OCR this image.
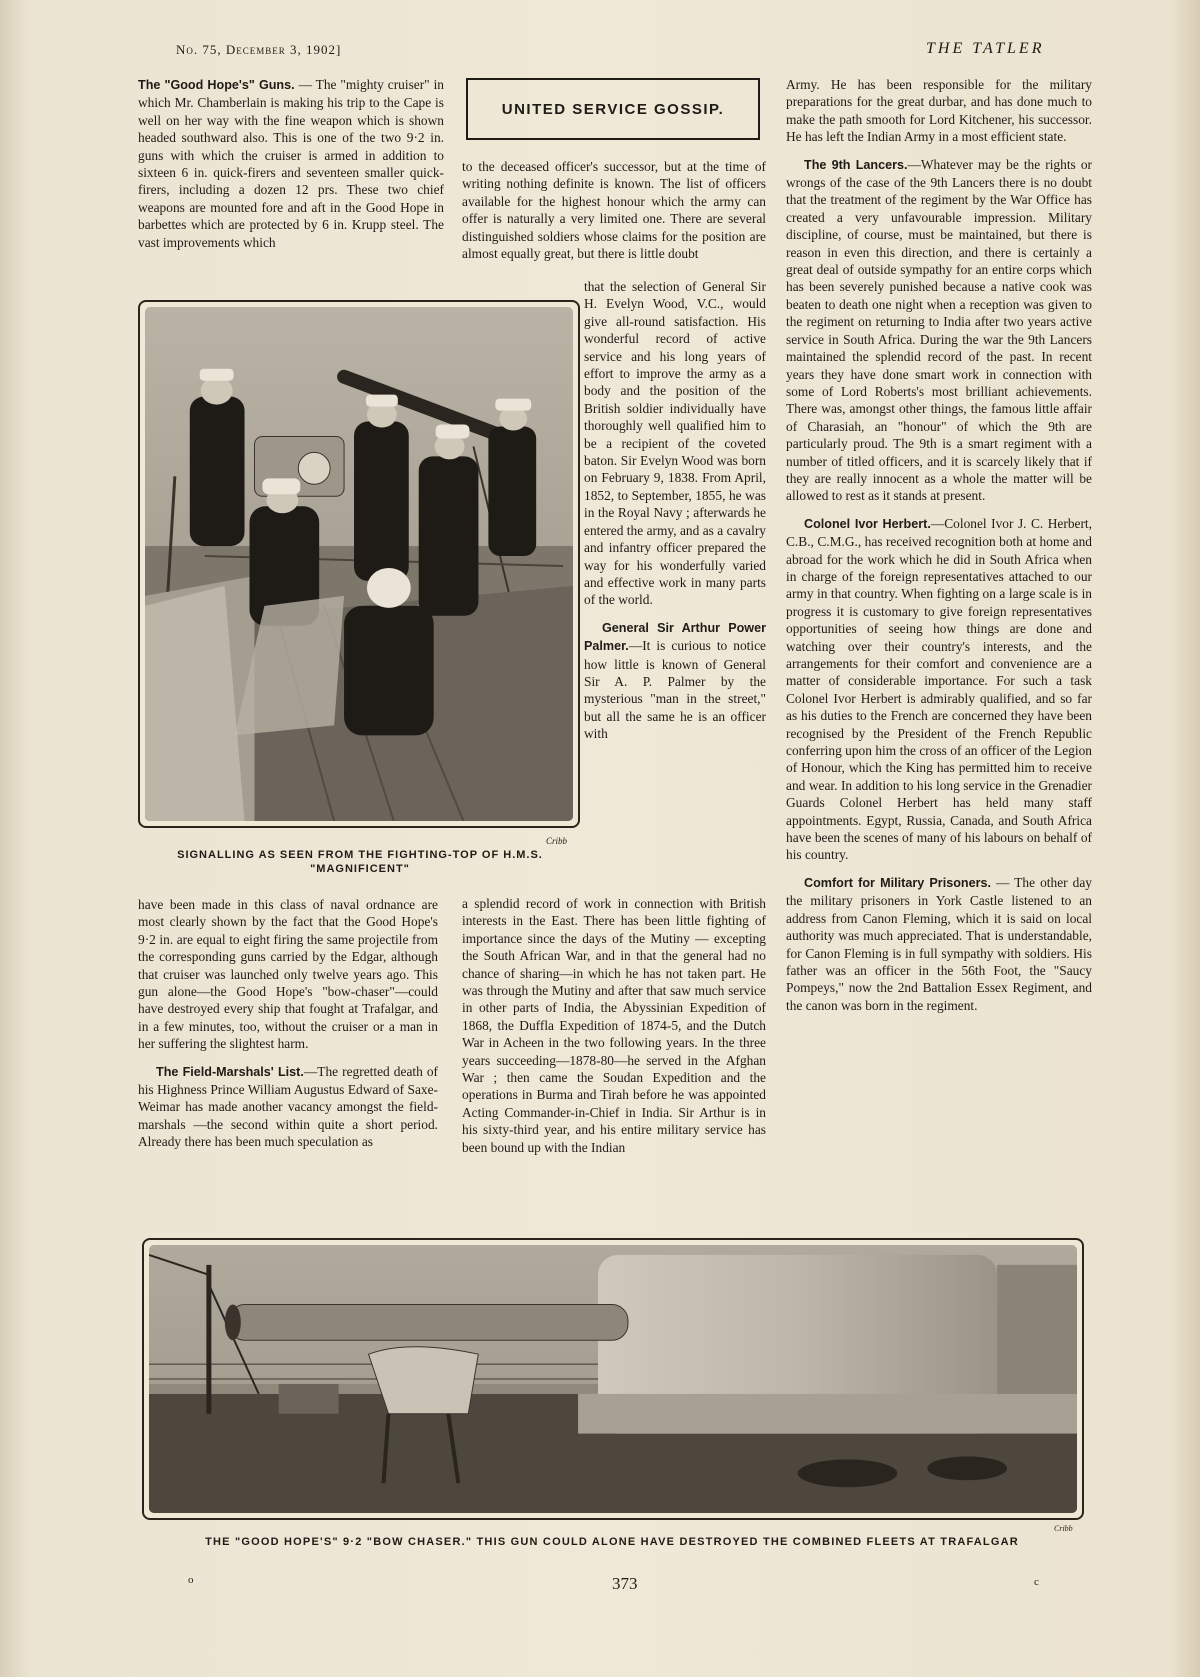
No. 75, December 3, 1902]	THE TATLER

The "Good Hope's" Guns. — The "mighty cruiser" in which Mr. Chamberlain is making his trip to the Cape is well on her way with the fine weapon which is shown headed southward also. This is one of the two 9·2 in. guns with which the cruiser is armed in addition to sixteen 6 in. quick-firers and seventeen smaller quick-firers, including a dozen 12 prs. These two chief weapons are mounted fore and aft in the Good Hope in barbettes which are protected by 6 in. Krupp steel. The vast improvements which

UNITED SERVICE GOSSIP.

to the deceased officer's successor, but at the time of writing nothing definite is known. The list of officers available for the highest honour which the army can offer is naturally a very limited one. There are several distinguished soldiers whose claims for the position are almost equally great, but there is little doubt

that the selection of General Sir H. Evelyn Wood, V.C., would give all-round satisfaction. His wonderful record of active service and his long years of effort to improve the army as a body and the position of the British soldier individually have thoroughly well qualified him to be a recipient of the coveted baton. Sir Evelyn Wood was born on February 9, 1838. From April, 1852, to September, 1855, he was in the Royal Navy ; afterwards he entered the army, and as a cavalry and infantry officer prepared the way for his wonderfully varied and effective work in many parts of the world.

General Sir Arthur Power Palmer.—It is curious to notice how little is known of General Sir A. P. Palmer by the mysterious "man in the street," but all the same he is an officer with

Cribb
SIGNALLING AS SEEN FROM THE FIGHTING-TOP OF H.M.S. "MAGNIFICENT"

have been made in this class of naval ordnance are most clearly shown by the fact that the Good Hope's 9·2 in. are equal to eight firing the same projectile from the corresponding guns carried by the Edgar, although that cruiser was launched only twelve years ago. This gun alone—the Good Hope's "bow-chaser"—could have destroyed every ship that fought at Trafalgar, and in a few minutes, too, without the cruiser or a man in her suffering the slightest harm.

The Field-Marshals' List.—The regretted death of his Highness Prince William Augustus Edward of Saxe-Weimar has made another vacancy amongst the field-marshals —the second within quite a short period. Already there has been much speculation as

a splendid record of work in connection with British interests in the East. There has been little fighting of importance since the days of the Mutiny — excepting the South African War, and in that the general had no chance of sharing—in which he has not taken part. He was through the Mutiny and after that saw much service in other parts of India, the Abyssinian Expedition of 1868, the Duffla Expedition of 1874-5, and the Dutch War in Acheen in the two following years. In the three years succeeding—1878-80—he served in the Afghan War ; then came the Soudan Expedition and the operations in Burma and Tirah before he was appointed Acting Commander-in-Chief in India. Sir Arthur is in his sixty-third year, and his entire military service has been bound up with the Indian

Army. He has been responsible for the military preparations for the great durbar, and has done much to make the path smooth for Lord Kitchener, his successor. He has left the Indian Army in a most efficient state.

The 9th Lancers.—Whatever may be the rights or wrongs of the case of the 9th Lancers there is no doubt that the treatment of the regiment by the War Office has created a very unfavourable impression. Military discipline, of course, must be maintained, but there is reason in even this direction, and there is certainly a great deal of outside sympathy for an entire corps which has been severely punished because a native cook was beaten to death one night when a reception was given to the regiment on returning to India after two years active service in South Africa. During the war the 9th Lancers maintained the splendid record of the past. In recent years they have done smart work in connection with some of Lord Roberts's most brilliant achievements. There was, amongst other things, the famous little affair of Charasiah, an "honour" of which the 9th are particularly proud. The 9th is a smart regiment with a number of titled officers, and it is scarcely likely that if they are really innocent as a whole the matter will be allowed to rest as it stands at present.

Colonel Ivor Herbert.—Colonel Ivor J. C. Herbert, C.B., C.M.G., has received recognition both at home and abroad for the work which he did in South Africa when in charge of the foreign representatives attached to our army in that country. When fighting on a large scale is in progress it is customary to give foreign representatives opportunities of seeing how things are done and watching over their country's interests, and the arrangements for their comfort and convenience are a matter of considerable importance. For such a task Colonel Ivor Herbert is admirably qualified, and so far as his duties to the French are concerned they have been recognised by the President of the French Republic conferring upon him the cross of an officer of the Legion of Honour, which the King has permitted him to receive and wear. In addition to his long service in the Grenadier Guards Colonel Herbert has held many staff appointments. Egypt, Russia, Canada, and South Africa have been the scenes of many of his labours on behalf of his country.

Comfort for Military Prisoners. — The other day the military prisoners in York Castle listened to an address from Canon Fleming, which it is said on local authority was much appreciated. That is understandable, for Canon Fleming is in full sympathy with soldiers. His father was an officer in the 56th Foot, the "Saucy Pompeys," now the 2nd Battalion Essex Regiment, and the canon was born in the regiment.

Cribb
THE "GOOD HOPE'S" 9·2 "BOW CHASER." THIS GUN COULD ALONE HAVE DESTROYED THE COMBINED FLEETS AT TRAFALGAR
o	373	c
